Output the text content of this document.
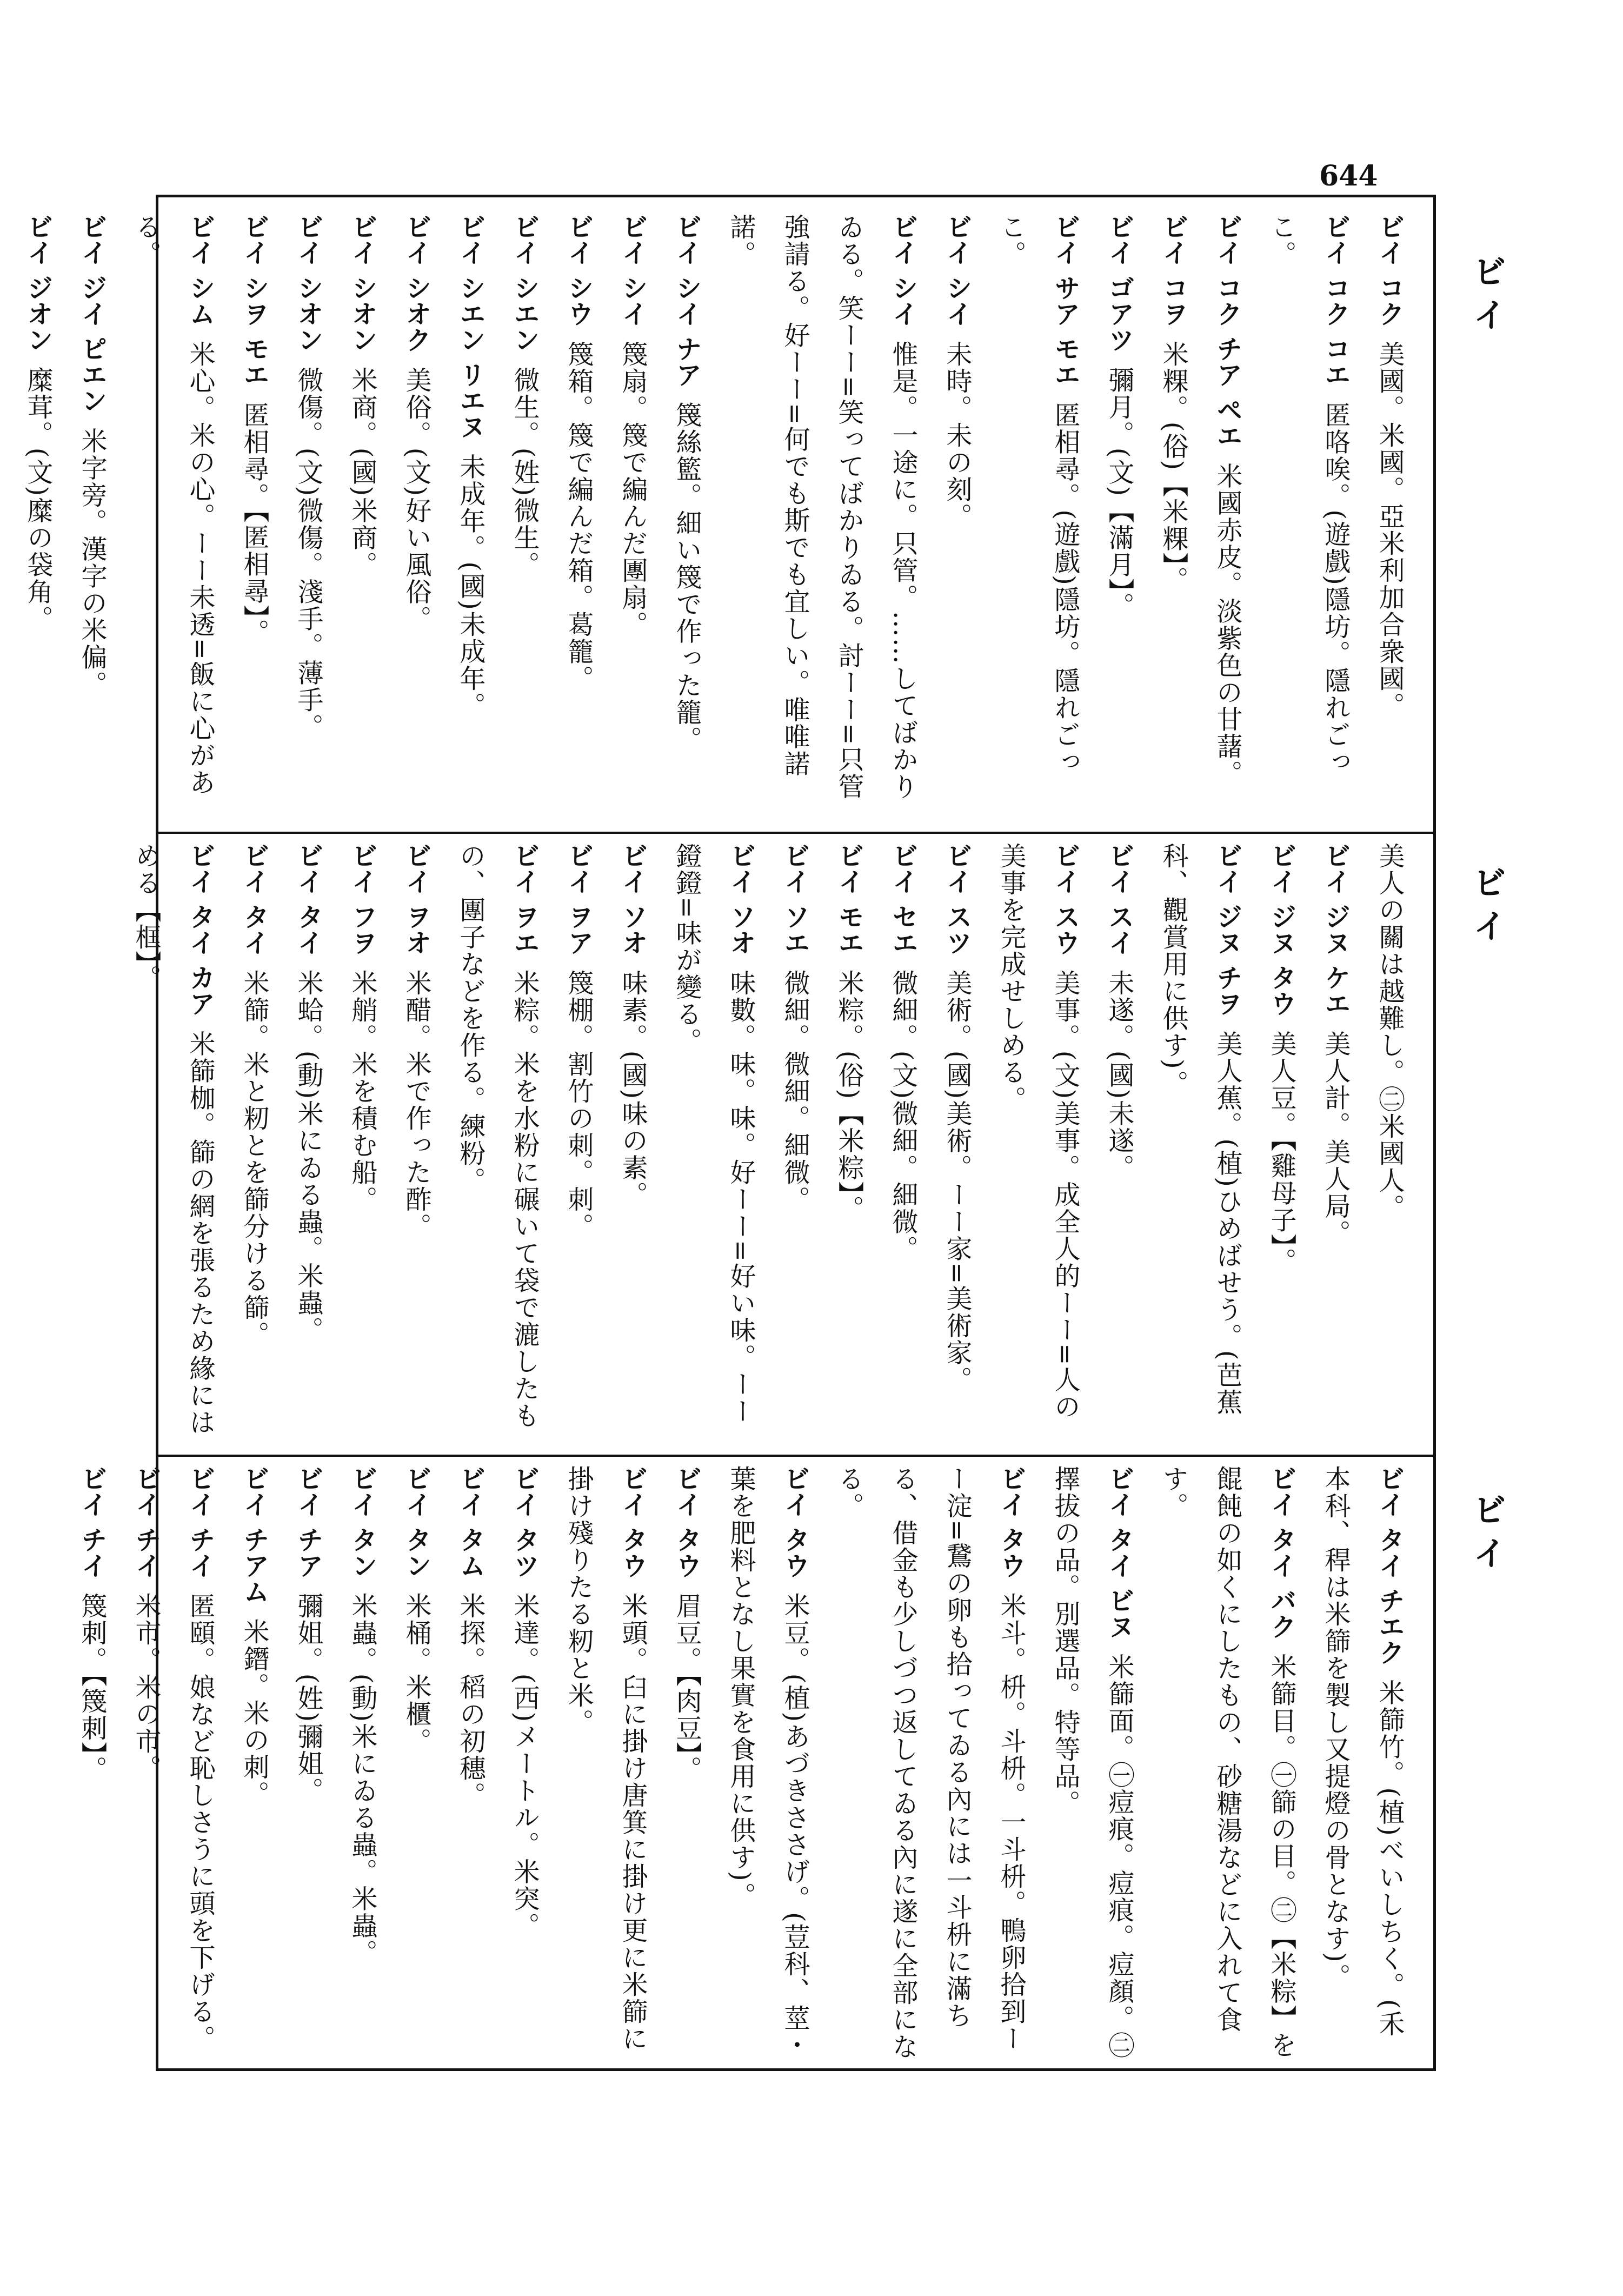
644
ビイ
ビイ
ビイ
ビイ コク美國。米國。亞米利加合衆國。
ビイ コク コエ匿咯唉。(遊戲)隱坊。隱れごっこ。
ビイ コク チア ペエ米國赤皮。淡紫色の甘藷。
ビイ コヲ米粿。(俗)【米粿】。
ビイ ゴアツ彌月。(文)【滿月】。
ビイ サア モエ匿相尋。(遊戲)隱坊。隱れごっこ。
ビイ シイ未時。未の刻。
ビイ シイ惟是。一途に。只管。……してばかりゐる。笑ーー=笑ってばかりゐる。討ーー=只管強請る。好ーー=何でも斯でも宜しい。唯唯諾諾。
ビイ シイ ナア篾絲籃。細い篾で作った籠。
ビイ シイ篾扇。篾で編んだ團扇。
ビイ シウ篾箱。篾で編んだ箱。葛籠。
ビイ シエン微生。(姓)微生。
ビイ シエン リエヌ未成年。(國)未成年。
ビイ シオク美俗。(文)好い風俗。
ビイ シオン米商。(國)米商。
ビイ シオン微傷。(文)微傷。淺手。薄手。
ビイ シヲ モエ匿相尋。【匿相尋】。
ビイ シム米心。米の心。ーー未透=飯に心がある。
ビイ ジイ ピエン米字旁。漢字の米偏。
ビイ ジオン糜茸。(文)糜の袋角。
美人の關は越難し。㊁米國人。
ビイ ジヌ ケエ美人計。美人局。
ビイ ジヌ タウ美人豆。【雞母子】。
ビイ ジヌ チヲ美人蕉。(植)ひめばせう。(芭蕉科、觀賞用に供す)。
ビイ スイ未遂。(國)未遂。
ビイ スウ美事。(文)美事。成全人的ーー=人の美事を完成せしめる。
ビイ スツ美術。(國)美術。ーー家=美術家。
ビイ セエ微細。(文)微細。細微。
ビイ モエ米粽。(俗)【米粽】。
ビイ ソエ微細。微細。細微。
ビイ ソオ味數。味。味。好ーー=好い味。ーー鐙鐙=味が變る。
ビイ ソオ味素。(國)味の素。
ビイ ヲア篾棚。割竹の刺。刺。
ビイ ヲエ米粽。米を水粉に碾いて袋で漉したもの、團子などを作る。練粉。
ビイ ヲオ米醋。米で作った酢。
ビイ フヲ米艄。米を積む船。
ビイ タイ米蛤。(動)米にゐる蟲。米蟲。
ビイ タイ米篩。米と籾とを篩分ける篩。
ビイ タイ カア米篩枷。篩の網を張るため緣にはめる【框】。
ビイ タイ チエク米篩竹。(植)べいしちく。(禾本科、稈は米篩を製し又提燈の骨となす)。
ビイ タイ バク米篩目。㊀篩の目。㊁【米粽】を餛飩の如くにしたもの、砂糖湯などに入れて食す。
ビイ タイ ビヌ米篩面。㊀痘痕。痘痕。痘顏。㊁擇拔の品。別選品。特等品。
ビイ タウ米斗。枡。斗枡。一斗枡。鴨卵拾到ーー淀=鵞の卵も拾ってゐる內には一斗枡に滿ちる、借金も少しづつ返してゐる內に遂に全部になる。
ビイ タウ米豆。(植)あづきささげ。(荳科、莖・葉を肥料となし果實を食用に供す)。
ビイ タウ眉豆。【肉豆】。
ビイ タウ米頭。臼に掛け唐箕に掛け更に米篩に掛け殘りたる籾と米。
ビイ タツ米達。(西)メートル。米突。
ビイ タム米探。稻の初穗。
ビイ タン米桶。米櫃。
ビイ タン米蟲。(動)米にゐる蟲。米蟲。
ビイ チア彌姐。(姓)彌姐。
ビイ チアム米鐕。米の刺。
ビイ チイ匿頤。娘など恥しさうに頭を下げる。
ビイ チイ米市。米の市。
ビイ チイ篾刺。【篾刺】。
